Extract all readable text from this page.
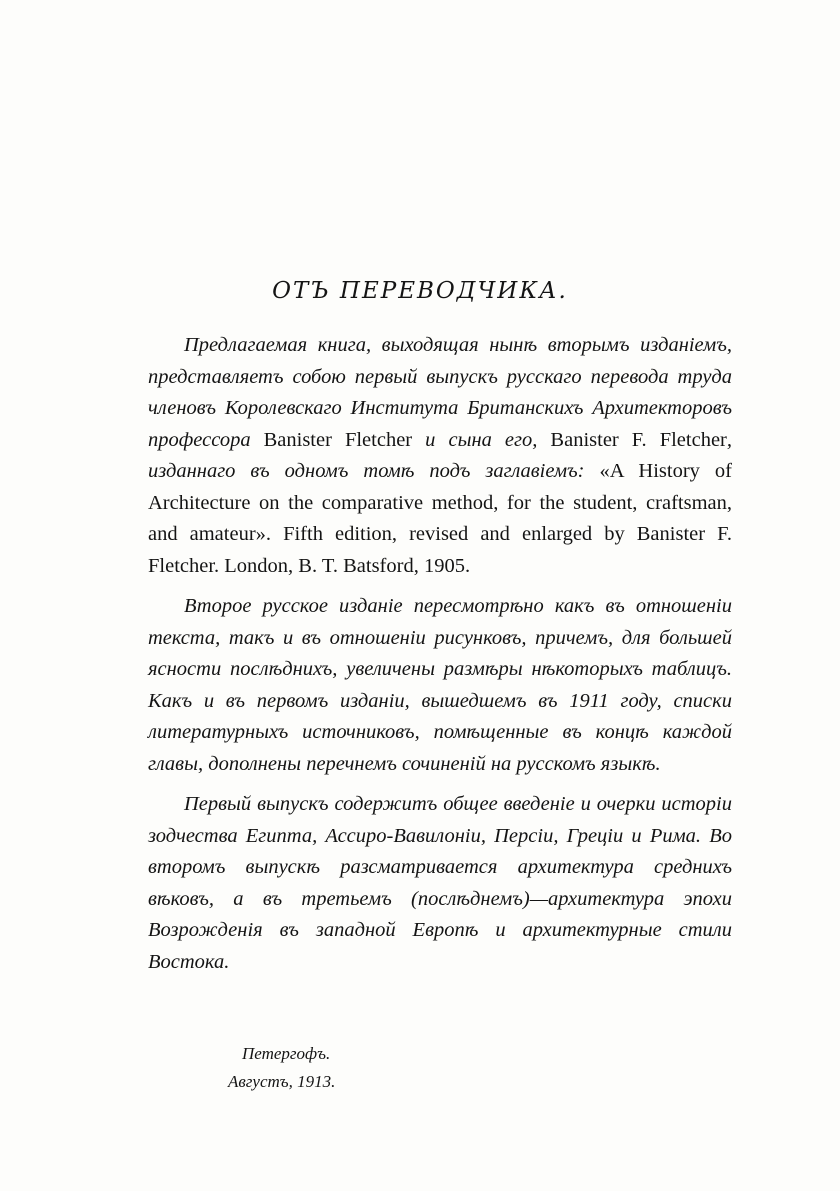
ОТЪ ПЕРЕВОДЧИКА.

Предлагаемая книга, выходящая нынѣ вторымъ изданіемъ, представляетъ собою первый выпускъ русскаго перевода труда членовъ Королевскаго Института Британскихъ Архитекторовъ профессора Banister Fletcher и сына его, Banister F. Fletcher, изданнаго въ одномъ томѣ подъ заглавіемъ: «A History of Architecture on the comparative method, for the student, craftsman, and amateur». Fifth edition, revised and enlarged by Banister F. Fletcher. London, B. T. Batsford, 1905.

Второе русское изданіе пересмотрѣно какъ въ отношеніи текста, такъ и въ отношеніи рисунковъ, причемъ, для большей ясности послѣднихъ, увеличены размѣры нѣкоторыхъ таблицъ. Какъ и въ первомъ изданіи, вышедшемъ въ 1911 году, списки литературныхъ источниковъ, помѣщенные въ концѣ каждой главы, дополнены перечнемъ сочиненій на русскомъ языкѣ.

Первый выпускъ содержитъ общее введеніе и очерки исторіи зодчества Египта, Ассиро-Вавилоніи, Персіи, Греціи и Рима. Во второмъ выпускѣ разсматривается архитектура среднихъ вѣковъ, а въ третьемъ (послѣднемъ)—архитектура эпохи Возрожденія въ западной Европѣ и архитектурные стили Востока.

Петергофъ.
Августъ, 1913.
